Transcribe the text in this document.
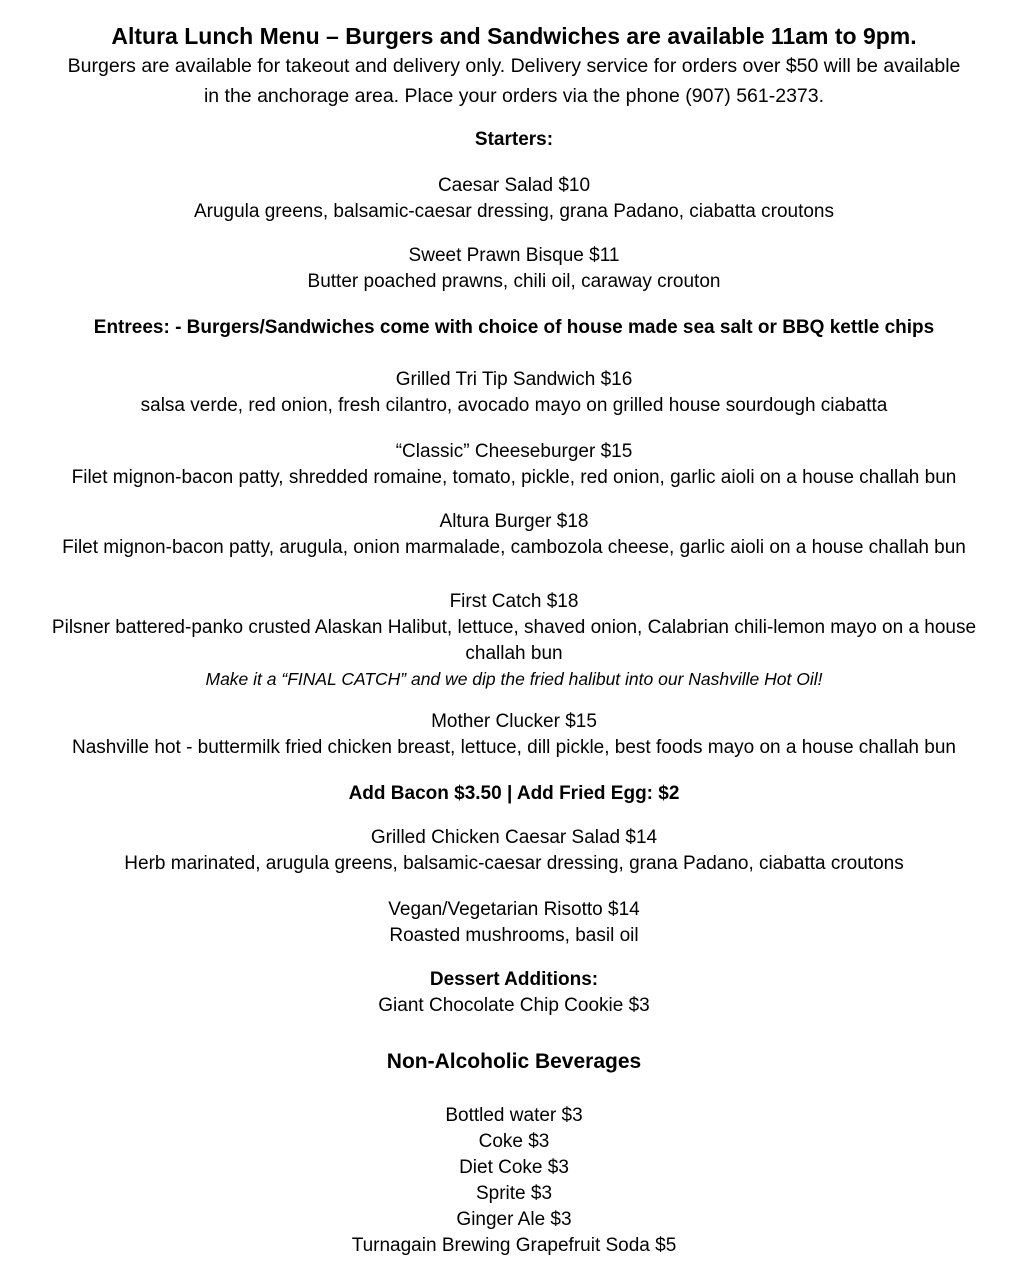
Altura Lunch Menu – Burgers and Sandwiches are available 11am to 9pm.
Burgers are available for takeout and delivery only. Delivery service for orders over $50 will be available
in the anchorage area. Place your orders via the phone (907) 561-2373.
Starters:
Caesar Salad $10
Arugula greens, balsamic-caesar dressing, grana Padano, ciabatta croutons
Sweet Prawn Bisque $11
Butter poached prawns, chili oil, caraway crouton
Entrees: - Burgers/Sandwiches come with choice of house made sea salt or BBQ kettle chips
Grilled Tri Tip Sandwich $16
salsa verde, red onion, fresh cilantro, avocado mayo on grilled house sourdough ciabatta
“Classic” Cheeseburger $15
Filet mignon-bacon patty, shredded romaine, tomato, pickle, red onion, garlic aioli on a house challah bun
Altura Burger $18
Filet mignon-bacon patty, arugula, onion marmalade, cambozola cheese, garlic aioli on a house challah bun
First Catch $18
Pilsner battered-panko crusted Alaskan Halibut, lettuce, shaved onion, Calabrian chili-lemon mayo on a house
challah bun
Make it a “FINAL CATCH” and we dip the fried halibut into our Nashville Hot Oil!
Mother Clucker $15
Nashville hot - buttermilk fried chicken breast, lettuce, dill pickle, best foods mayo on a house challah bun
Add Bacon $3.50 | Add Fried Egg: $2
Grilled Chicken Caesar Salad $14
Herb marinated, arugula greens, balsamic-caesar dressing, grana Padano, ciabatta croutons
Vegan/Vegetarian Risotto $14
Roasted mushrooms, basil oil
Dessert Additions:
Giant Chocolate Chip Cookie $3
Non-Alcoholic Beverages
Bottled water $3
Coke $3
Diet Coke $3
Sprite $3
Ginger Ale $3
Turnagain Brewing Grapefruit Soda $5
